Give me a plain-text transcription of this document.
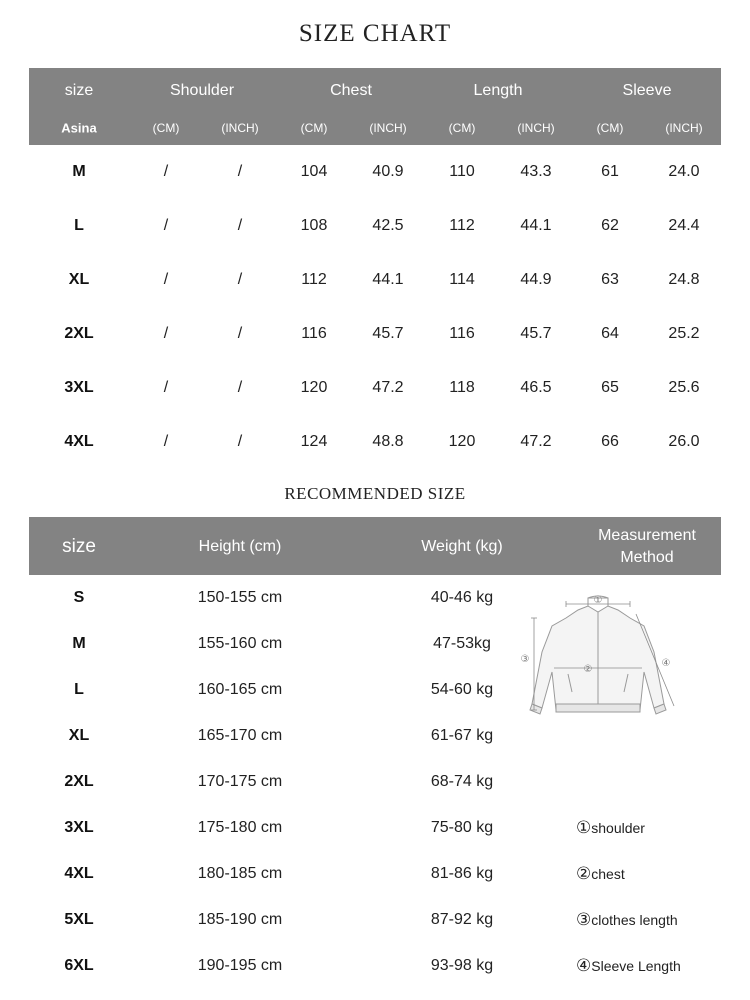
SIZE CHART
size
Asina
Shoulder	Chest	Length	Sleeve
(CM)	(INCH)	(CM)	(INCH)	(CM)	(INCH)	(CM)	(INCH)
M	/	/	104	40.9	110	43.3	61	24.0
L	/	/	108	42.5	112	44.1	62	24.4
XL	/	/	112	44.1	114	44.9	63	24.8
2XL	/	/	116	45.7	116	45.7	64	25.2
3XL	/	/	120	47.2	118	46.5	65	25.6
4XL	/	/	124	48.8	120	47.2	66	26.0
RECOMMENDED SIZE
size	Height (cm)	Weight (kg)
Measurement
Method
S	150-155 cm	40-46 kg
M	155-160 cm	47-53kg
L	160-165 cm	54-60 kg
XL	165-170 cm	61-67 kg
2XL	170-175 cm	68-74 kg
3XL	175-180 cm	75-80 kg
4XL	180-185 cm	81-86 kg
5XL	185-190 cm	87-92 kg
6XL	190-195 cm	93-98 kg
①
②
③	④
①shoulder
②chest
③clothes length
④Sleeve Length
